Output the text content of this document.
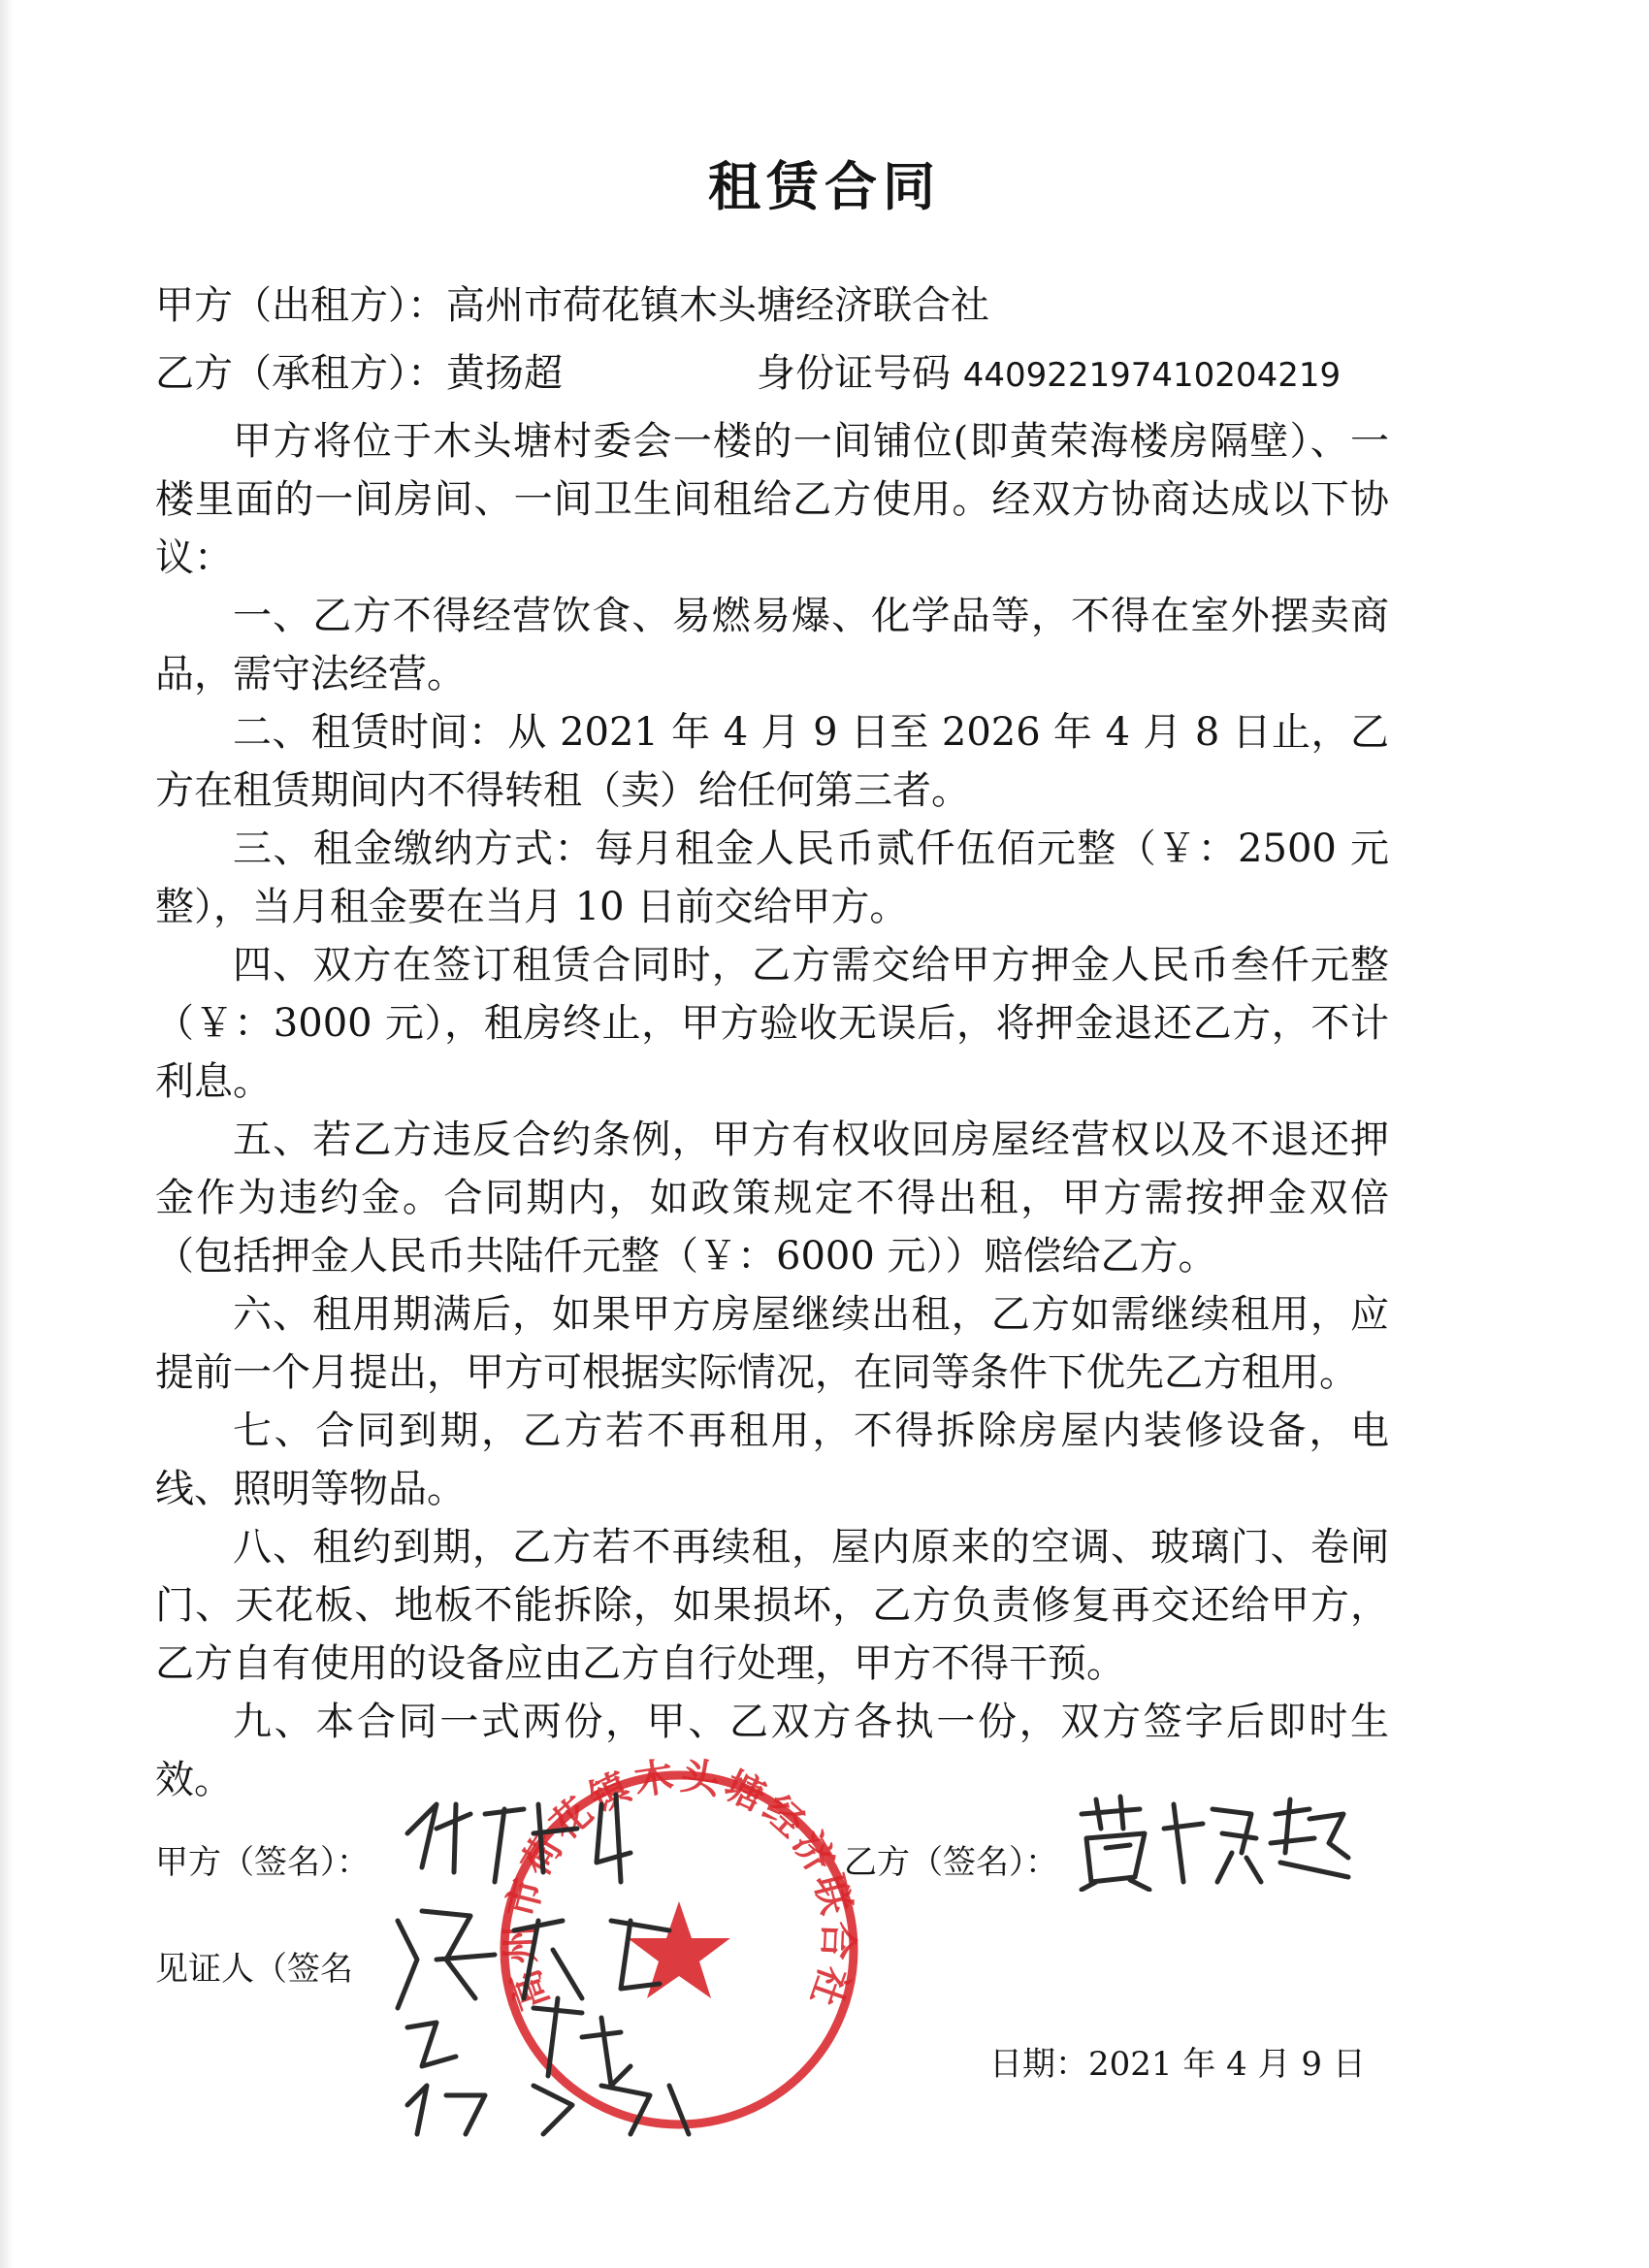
租赁合同
甲方（出租方）：高州市荷花镇木头塘经济联合社
乙方（承租方）：黄扬超	身份证号码 440922197410204219

甲方将位于木头塘村委会一楼的一间铺位(即黄荣海楼房隔壁）、一楼里面的一间房间、一间卫生间租给乙方使用。经双方协商达成以下协议：

一、乙方不得经营饮食、易燃易爆、化学品等，不得在室外摆卖商品，需守法经营。

二、租赁时间：从 2021 年 4 月 9 日至 2026 年 4 月 8 日止，乙方在租赁期间内不得转租（卖）给任何第三者。

三、租金缴纳方式：每月租金人民币贰仟伍佰元整（￥：2500 元整），当月租金要在当月 10 日前交给甲方。

四、双方在签订租赁合同时，乙方需交给甲方押金人民币叁仟元整（￥：3000 元），租房终止，甲方验收无误后，将押金退还乙方，不计利息。

五、若乙方违反合约条例，甲方有权收回房屋经营权以及不退还押金作为违约金。合同期内，如政策规定不得出租，甲方需按押金双倍（包括押金人民币共陆仟元整（￥：6000 元））赔偿给乙方。

六、租用期满后，如果甲方房屋继续出租，乙方如需继续租用，应提前一个月提出，甲方可根据实际情况，在同等条件下优先乙方租用。

七、合同到期，乙方若不再租用，不得拆除房屋内装修设备，电线、照明等物品。

八、租约到期，乙方若不再续租，屋内原来的空调、玻璃门、卷闸门、天花板、地板不能拆除，如果损坏，乙方负责修复再交还给甲方，乙方自有使用的设备应由乙方自行处理，甲方不得干预。

九、本合同一式两份，甲、乙双方各执一份，双方签字后即时生效。

甲方（签名）：	乙方（签名）：
见证人（签名	高州市荷花镇木头塘经济联合社
日期：2021 年 4 月 9 日
